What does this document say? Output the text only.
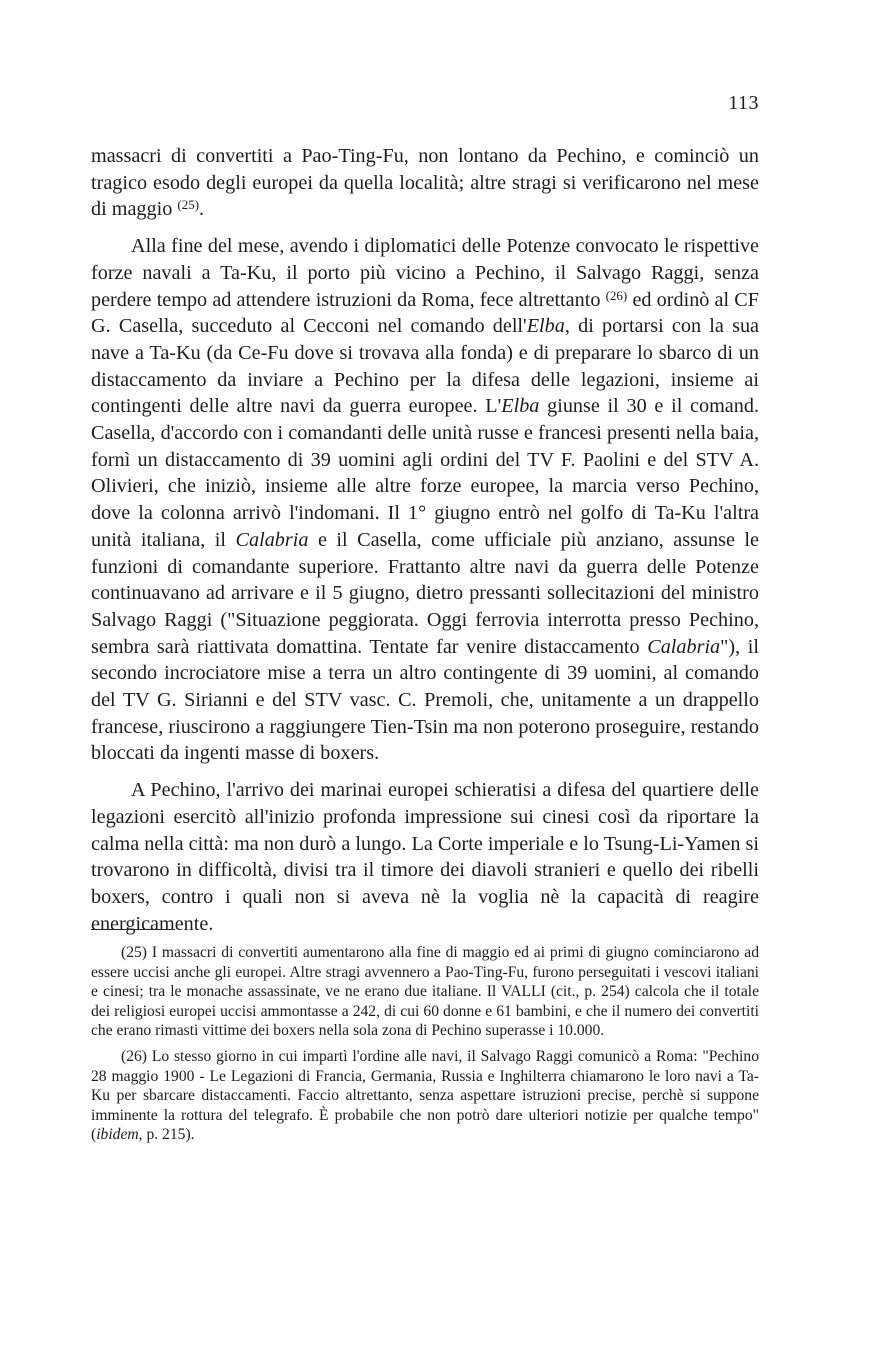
113

massacri di convertiti a Pao-Ting-Fu, non lontano da Pechino, e cominciò un tragico esodo degli europei da quella località; altre stragi si verificarono nel mese di maggio $^{(25)}$.

Alla fine del mese, avendo i diplomatici delle Potenze convocato le rispettive forze navali a Ta-Ku, il porto più vicino a Pechino, il Salvago Raggi, senza perdere tempo ad attendere istruzioni da Roma, fece altrettanto $^{(26)}$ ed ordinò al CF G. Casella, succeduto al Cecconi nel comando dell'Elba, di portarsi con la sua nave a Ta-Ku (da Ce-Fu dove si trovava alla fonda) e di preparare lo sbarco di un distaccamento da inviare a Pechino per la difesa delle legazioni, insieme ai contingenti delle altre navi da guerra europee. L'Elba giunse il 30 e il comand. Casella, d'accordo con i comandanti delle unità russe e francesi presenti nella baia, fornì un distaccamento di 39 uomini agli ordini del TV F. Paolini e del STV A. Olivieri, che iniziò, insieme alle altre forze europee, la marcia verso Pechino, dove la colonna arrivò l'indomani. Il 1° giugno entrò nel golfo di Ta-Ku l'altra unità italiana, il Calabria e il Casella, come ufficiale più anziano, assunse le funzioni di comandante superiore. Frattanto altre navi da guerra delle Potenze continuavano ad arrivare e il 5 giugno, dietro pressanti sollecitazioni del ministro Salvago Raggi ("Situazione peggiorata. Oggi ferrovia interrotta presso Pechino, sembra sarà riattivata domattina. Tentate far venire distaccamento Calabria"), il secondo incrociatore mise a terra un altro contingente di 39 uomini, al comando del TV G. Sirianni e del STV vasc. C. Premoli, che, unitamente a un drappello francese, riuscirono a raggiungere Tien-Tsin ma non poterono proseguire, restando bloccati da ingenti masse di boxers.

A Pechino, l'arrivo dei marinai europei schieratisi a difesa del quartiere delle legazioni esercitò all'inizio profonda impressione sui cinesi così da riportare la calma nella città: ma non durò a lungo. La Corte imperiale e lo Tsung-Li-Yamen si trovarono in difficoltà, divisi tra il timore dei diavoli stranieri e quello dei ribelli boxers, contro i quali non si aveva nè la voglia nè la capacità di reagire energicamente.

(25) I massacri di convertiti aumentarono alla fine di maggio ed ai primi di giugno cominciarono ad essere uccisi anche gli europei. Altre stragi avvennero a Pao-Ting-Fu, furono perseguitati i vescovi italiani e cinesi; tra le monache assassinate, ve ne erano due italiane. Il VALLI (cit., p. 254) calcola che il totale dei religiosi europei uccisi ammontasse a 242, di cui 60 donne e 61 bambini, e che il numero dei convertiti che erano rimasti vittime dei boxers nella sola zona di Pechino superasse i 10.000.

(26) Lo stesso giorno in cui impartì l'ordine alle navi, il Salvago Raggi comunicò a Roma: "Pechino 28 maggio 1900 - Le Legazioni di Francia, Germania, Russia e Inghilterra chiamarono le loro navi a Ta-Ku per sbarcare distaccamenti. Faccio altrettanto, senza aspettare istruzioni precise, perchè si suppone imminente la rottura del telegrafo. È probabile che non potrò dare ulteriori notizie per qualche tempo" (ibidem, p. 215).
